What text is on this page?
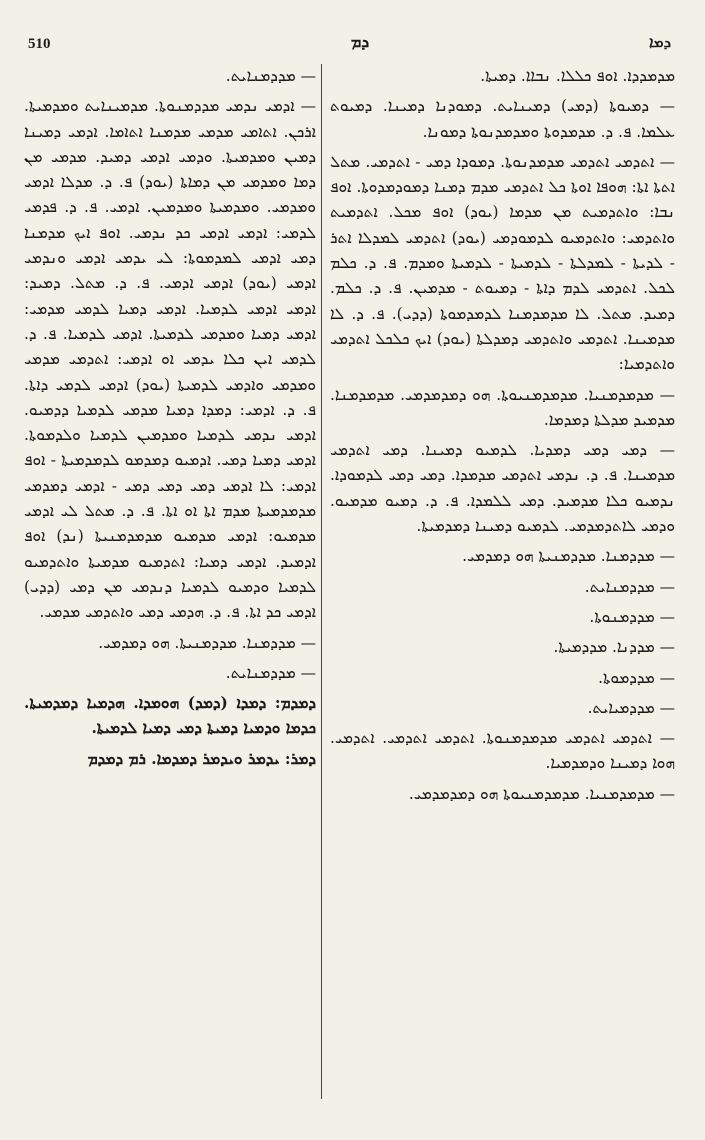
510	ܕܡ	ܕܡܐ

ܡܕܡܕܕܐ. ܐܘܦ ܟܠܠܐ. ܢܒܐܐ. ܕܡܝܬܐ.

— ܕܡܝܘܬܐ (ܕܡܝ) ܕܡܝܢܐܝܬ. ܕܡܘܕܢܐ ܕܡܝܢܐ. ܕܡܝܘܬ ܥܠܡܐ. ܦ. ܕ. ܡܕܡܕܘܬܐ ܘܡܕܡܕܢܘܬܐ ܕܡܘܢܐ.

— ܐܬܕܡܝ ܐܬܕܡܝ ܡܕܡܕܢܘܬܐ. ܕܡܘܕܐ ܕܡܝ - ܐܬܕܡܝ. ܡܬܠ ܐܬܬܐ ܐܬܐ: ܗܘܦܐ ܐܘܬܐ ܟܠ ܐܬܕܡܝ ܡܕܡ ܕܡܢܐ ܕܡܘܕܡܕܘܬܐ. ܐܘܦ ܢܒܐ: ܘܐܬܕܡܝܬ ܡܢ ܡܕܡܐ (ܝܘܕ) ܐܘܦ ܡܟܠ. ܐܬܕܡܝܬ ܘܐܬܕܡܝ: ܘܐܬܕܡܝܘ ܠܕܡܘܕܡܝ (ܝܘܕ) ܐܬܕܡܝ ܠܡܕܠܐ ܐܬܪ - ܠܕܝܬܐ - ܠܡܕܠܬܐ - ܠܕܡܝܬܐ - ܠܕܡܝܬܐ ܘܡܕܡ. ܦ. ܕ. ܟܠܡ ܠܟܠ. ܐܬܕܡܝ ܠܕܡ ܕܐܬܐ - ܕܡܝܘܬ - ܡܕܡܝܢ. ܦ. ܕ. ܟܠܡ. ܕܡܝܕ. ܡܬܠ. ܠܐ ܡܕܡܕܡܢܐ ܠܕܡܕܡܘܬܐ (ܕܕܝ). ܦ. ܕ. ܠܐ ܡܕܡܝܢܐ. ܐܬܕܡܝ ܘܐܬܕܡܝ ܕܡܕܠܬܐ (ܝܘܕ) ܐܝܟ ܟܠܟܠ ܐܬܕܡܝ ܘܐܬܕܡܝܐ:

— ܡܕܡܕܡܢܝܐ. ܡܕܡܕܡܢܝܘܬܐ. ܗܘ ܕܡܕܡܕܡܝ. ܡܕܡܕܡܢܐ. ܡܕܡܝܕ ܡܕܠܬܐ ܕܡܕܡܐ.

— ܕܡܝ ܕܡܝ ܕܡܕܝܐ. ܠܕܡܝܘ ܕܡܝܢܐ. ܕܡܝ ܐܬܕܡܝ ܡܕܡܝܢܐ. ܦ. ܕ. ܢܕܡܝ ܐܬܕܡܝ ܡܕܡܕܐ. ܕܡܝ ܕܡܝ ܠܕܡܘܕܐ. ܢܕܡܝܘ ܟܠܐ ܡܕܡܝܕ. ܕܡܝ ܠܠܡܕܐ. ܦ. ܕ. ܕܡܝܘ ܡܕܡܝܘ. ܘܕܡܝ ܠܐܬܕܡܕܡܝ. ܠܕܡܝܘ ܕܡܝܢܐ ܕܡܕܡܝܬܐ.

— ܡܕܕܡܢܐ. ܡܕܕܡܢܝܬܐ ܗܘ ܕܡܕܡܝ.

— ܡܕܕܡܢܐܝܬ.

— ܡܕܕܡܢܘܬܐ.

— ܡܕܕܢܐ. ܡܕܕܡܝܬܐ.

— ܡܕܕܡܘܬܐ.

— ܡܕܕܡܝܐܝܬ.

— ܐܬܕܡܝ ܐܬܕܡܝ ܡܕܡܕܡܢܘܬܐ. ܐܬܕܡܝ ܐܬܕܡܝ. ܐܬܕܡܝ. ܗܘܐ ܕܡܝܢܐ ܘܕܡܕܡܝܐ.

— ܡܕܡܕܡܢܝܐ. ܡܕܡܕܡܢܝܘܬܐ ܗܘ ܕܡܕܡܕܡܝ.

— ܡܕܕܡܢܐܝܬ.

— ܐܕܡܝ ܢܕܡܝ ܡܕܕܡܢܘܬܐ. ܡܕܡܝܢܐܝܬ ܘܡܕܡܝܬܐ. ܐܪܟܢ. ܐܬܐܡܝ ܡܕܡܝ ܡܕܡܢܐ ܐܬܐܡܐ. ܐܕܡܝ ܕܡܝܢܐ ܕܡܝܢ ܘܡܕܡܝܬܐ. ܘܕܡܝ ܐܕܡܝ ܕܡܝܕ. ܡܕܡܝ ܡܢ ܕܡܐ ܘܡܕܡܝ ܡܢ ܕܡܐܬܐ (ܝܘܕ) ܦ. ܕ. ܡܕܠܐ ܐܕܡܝ ܘܡܕܡܝ. ܘܡܕܡܝܬܐ ܘܡܕܡܝܢ. ܐܕܡܝ. ܦ. ܕ. ܦܕܡܝ ܠܕܡܝ: ܐܕܡܝ ܐܕܡܝ ܟܕ ܢܕܡܝ. ܐܘܦ ܐܝܟ ܡܕܡܢܐ ܕܡܝ ܐܕܡܝ ܠܡܕܡܘܬܐ: ܠܝ ܝܕܡܝ ܐܕܡܝ ܘܢܕܡܝ ܐܕܡܝ (ܝܘܕ) ܐܕܡܝ ܐܕܡܝ. ܦ. ܕ. ܡܬܠ. ܕܡܝܕ: ܐܕܡܝ ܐܕܡܝ ܠܕܡܝܐ. ܐܕܡܝ ܕܡܝܐ ܠܕܡܝ ܡܕܡܝ: ܐܕܡܝ ܕܡܝܐ ܘܡܕܡܝ ܠܕܡܝܬܐ. ܐܕܡܝ ܠܕܡܝܐ. ܦ. ܕ. ܠܕܡܝ ܐܝܢ ܟܠܐ ܝܕܡܝ ܐܘ ܐܕܡܝ: ܐܬܕܡܝ ܡܕܡܝ ܘܡܕܡܝ ܘܐܕܡܝ ܠܕܡܝܬܐ (ܝܘܕ) ܐܕܡܝ ܠܕܡܝ ܕܐܬܐ. ܦ. ܕ. ܐܕܡܝ: ܕܡܕܐ ܕܡܝܐ ܡܕܡܝ ܠܕܡܝܐ ܕܕܡܝܘ. ܐܕܡܝ ܢܕܡܝ ܠܕܡܝܐ ܘܡܕܡܝܢ ܠܕܡܝܐ ܘܠܕܡܘܬܐ. ܐܕܡܝ ܕܡܝܐ ܕܡܝ. ܐܕܡܝܘ ܕܡܕܡܘ ܠܕܡܕܡܝܬܐ - ܐܘܦ ܐܕܡܝ: ܠܐ ܐܕܡܝ ܕܡܝ ܕܡܝ ܕܡܝ - ܐܕܡܝ ܕܡܕܡܝ ܡܕܡܕܡܝܬܐ ܡܕܡ ܐܬܐ ܐܘ ܐܬܐ. ܦ. ܕ. ܡܬܠ ܠܝ ܐܕܡܝ ܡܕܡܝܘ: ܐܕܡܝ ܡܕܡܝܘ ܡܕܡܕܡܢܝܬܐ (ܢܕ) ܐܘܦ ܐܕܡܝܕ. ܐܕܡܝ ܕܡܝܐ: ܐܬܕܡܝܘ ܡܕܡܝܬܐ ܘܐܬܕܡܝܘ ܠܕܡܝܐ ܘܕܡܝܘ ܠܕܡܝܐ ܕܢܕܡܝ ܡܢ ܕܡܝ (ܕܕܝ) ܐܕܡܝ ܟܕ ܐܬܐ. ܦ. ܕ. ܗܕܡܝ ܕܡܝ ܘܐܬܕܡܝ ܡܕܡܝ.

— ܡܕܕܡܢܐ. ܡܕܕܡܢܝܬܐ. ܗܘ ܕܡܕܡܝ.

— ܡܕܕܡܢܐܝܬ.

ܕܡܕܡ: ܕܡܕܐ (ܕܡܕ) ܗܘܡܕܐ. ܗܕܡܝܐ ܕܡܕܡܝܬܐ. ܟܕܡܐ ܘܕܡܝܐ ܕܡܝܬܐ ܕܡܝ ܕܡܝܐ ܠܕܡܝܬܐ.

ܕܡܪ: ܝܕܡܪ ܘܝܕܡܪ ܕܡܕܡܐ. ܪܡ ܕܡܕܡ
